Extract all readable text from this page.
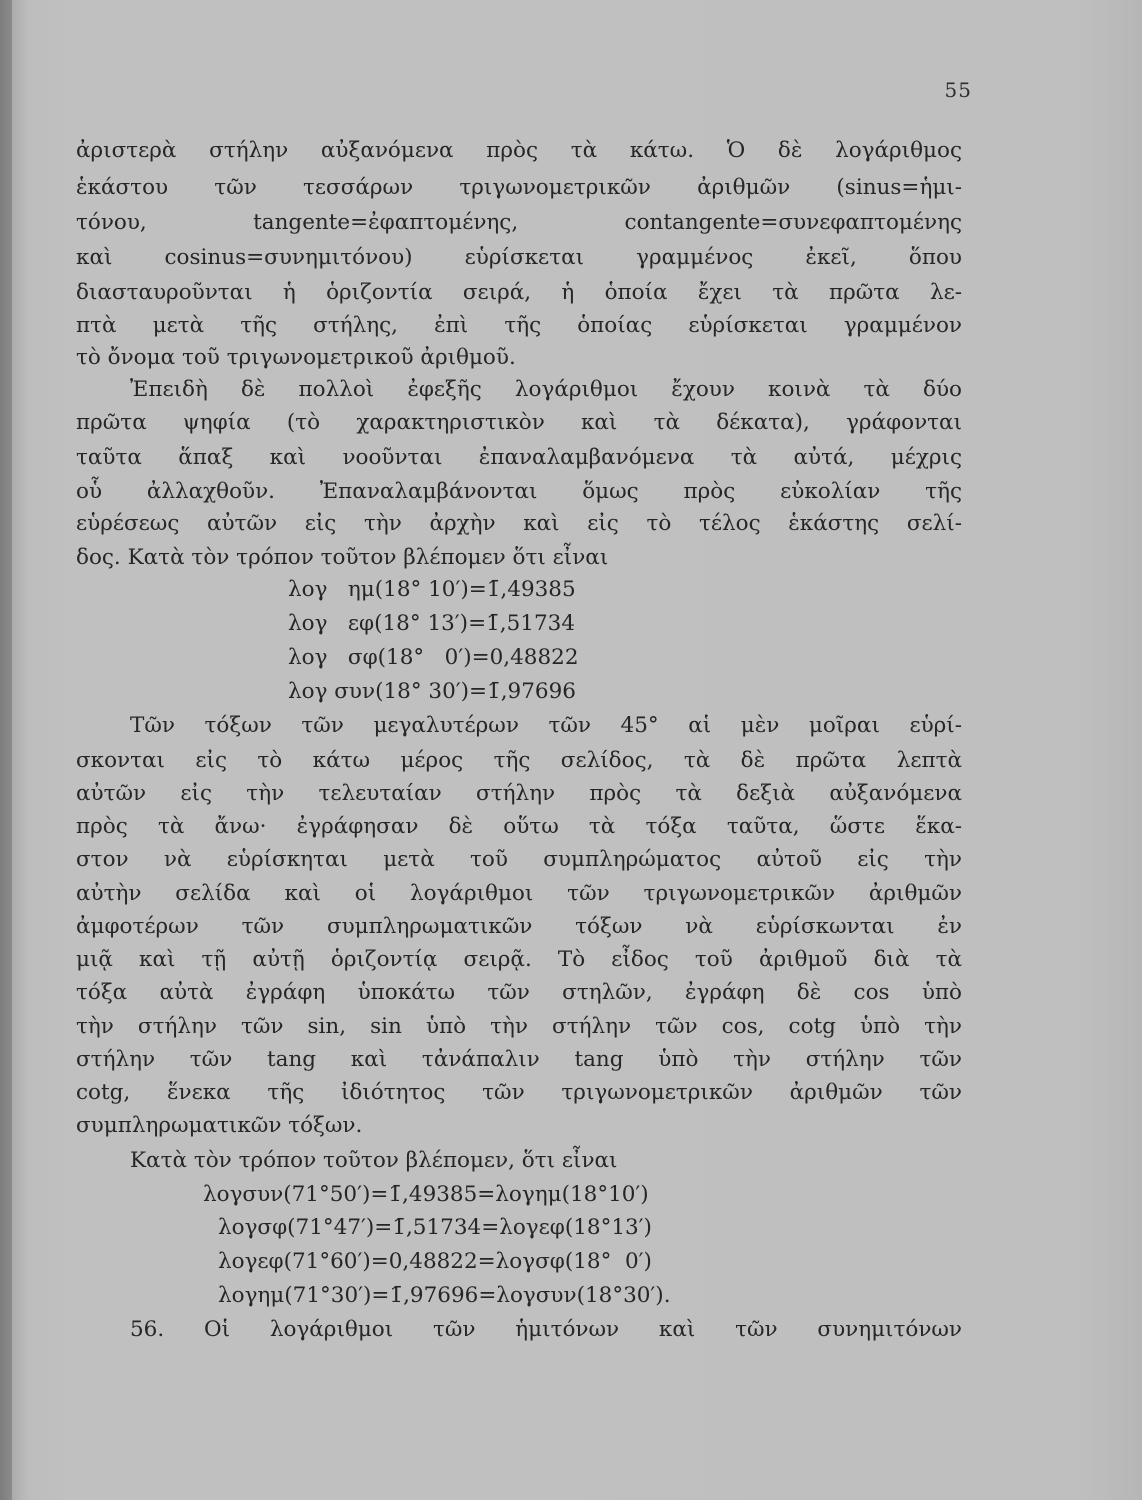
55
ἀριστερὰ στήλην αὐξανόμενα πρὸς τὰ κάτω. Ὁ δὲ λογάριθμος
ἑκάστου τῶν τεσσάρων τριγωνομετρικῶν ἀριθμῶν (sinus=ἡμι-
τόνου, tangente=ἐφαπτομένης, contangente=συνεφαπτομένης
καὶ cosinus=συνημιτόνου) εὑρίσκεται γραμμένος ἐκεῖ, ὅπου
διασταυροῦνται ἡ ὁριζοντία σειρά, ἡ ὁποία ἔχει τὰ πρῶτα λε-
πτὰ μετὰ τῆς στήλης, ἐπὶ τῆς ὁποίας εὑρίσκεται γραμμένον
τὸ ὄνομα τοῦ τριγωνομετρικοῦ ἀριθμοῦ.
Ἐπειδὴ δὲ πολλοὶ ἐφεξῆς λογάριθμοι ἔχουν κοινὰ τὰ δύο
πρῶτα ψηφία (τὸ χαρακτηριστικὸν καὶ τὰ δέκατα), γράφονται
ταῦτα ἅπαξ καὶ νοοῦνται ἐπαναλαμβανόμενα τὰ αὐτά, μέχρις
οὗ ἀλλαχθοῦν. Ἐπαναλαμβάνονται ὅμως πρὸς εὐκολίαν τῆς
εὑρέσεως αὐτῶν εἰς τὴν ἀρχὴν καὶ εἰς τὸ τέλος ἑκάστης σελί-
δος. Κατὰ τὸν τρόπον τοῦτον βλέπομεν ὅτι εἶναι
λογ   ημ(18° 10′)=1̄,49385
λογ   εφ(18° 13′)=1̄,51734
λογ   σφ(18°   0′)=0,48822
λογ συν(18° 30′)=1̄,97696
Τῶν τόξων τῶν μεγαλυτέρων τῶν 45° αἱ μὲν μοῖραι εὑρί-
σκονται εἰς τὸ κάτω μέρος τῆς σελίδος, τὰ δὲ πρῶτα λεπτὰ
αὐτῶν εἰς τὴν τελευταίαν στήλην πρὸς τὰ δεξιὰ αὐξανόμενα
πρὸς τὰ ἄνω· ἐγράφησαν δὲ οὕτω τὰ τόξα ταῦτα, ὥστε ἕκα-
στον νὰ εὑρίσκηται μετὰ τοῦ συμπληρώματος αὐτοῦ εἰς τὴν
αὐτὴν σελίδα καὶ οἱ λογάριθμοι τῶν τριγωνομετρικῶν ἀριθμῶν
ἀμφοτέρων τῶν συμπληρωματικῶν τόξων νὰ εὑρίσκωνται ἐν
μιᾷ καὶ τῇ αὐτῇ ὁριζοντίᾳ σειρᾷ. Τὸ εἶδος τοῦ ἀριθμοῦ διὰ τὰ
τόξα αὐτὰ ἐγράφη ὑποκάτω τῶν στηλῶν, ἐγράφη δὲ cos ὑπὸ
τὴν στήλην τῶν sin, sin ὑπὸ τὴν στήλην τῶν cos, cotg ὑπὸ τὴν
στήλην τῶν tang καὶ τἀνάπαλιν tang ὑπὸ τὴν στήλην τῶν
cotg, ἕνεκα τῆς ἰδιότητος τῶν τριγωνομετρικῶν ἀριθμῶν τῶν
συμπληρωματικῶν τόξων.
Κατὰ τὸν τρόπον τοῦτον βλέπομεν, ὅτι εἶναι
λογσυν(71°50′)=1̄,49385=λογημ(18°10′)
λογσφ(71°47′)=1̄,51734=λογεφ(18°13′)
λογεφ(71°60′)=0,48822=λογσφ(18°  0′)
λογημ(71°30′)=1̄,97696=λογσυν(18°30′).
56. Οἱ λογάριθμοι τῶν ἡμιτόνων καὶ τῶν συνημιτόνων
